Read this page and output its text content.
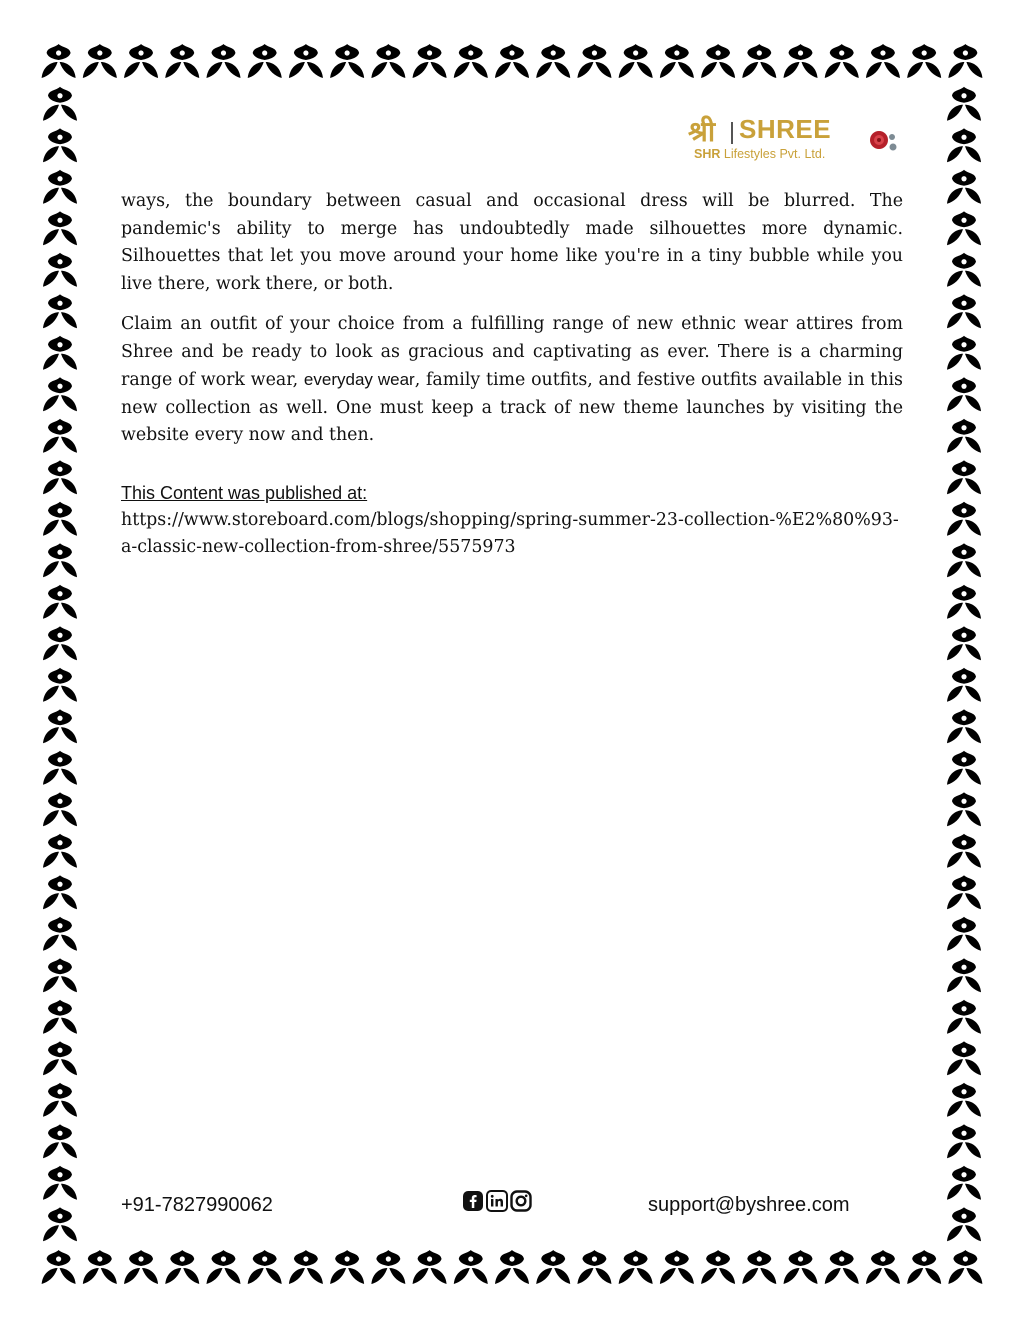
श्री SHREE
SHR Lifestyles Pvt. Ltd.

ways, the boundary between casual and occasional dress will be blurred. The pandemic's ability to merge has undoubtedly made silhouettes more dynamic. Silhouettes that let you move around your home like you're in a tiny bubble while you live there, work there, or both.

Claim an outfit of your choice from a fulfilling range of new ethnic wear attires from Shree and be ready to look as gracious and captivating as ever. There is a charming range of work wear, everyday wear, family time outfits, and festive outfits available in this new collection as well. One must keep a track of new theme launches by visiting the website every now and then.

This Content was published at:
https://www.storeboard.com/blogs/shopping/spring-summer-23-collection-%E2%80%93-a-classic-new-collection-from-shree/5575973
+91-7827990062	support@byshree.com
